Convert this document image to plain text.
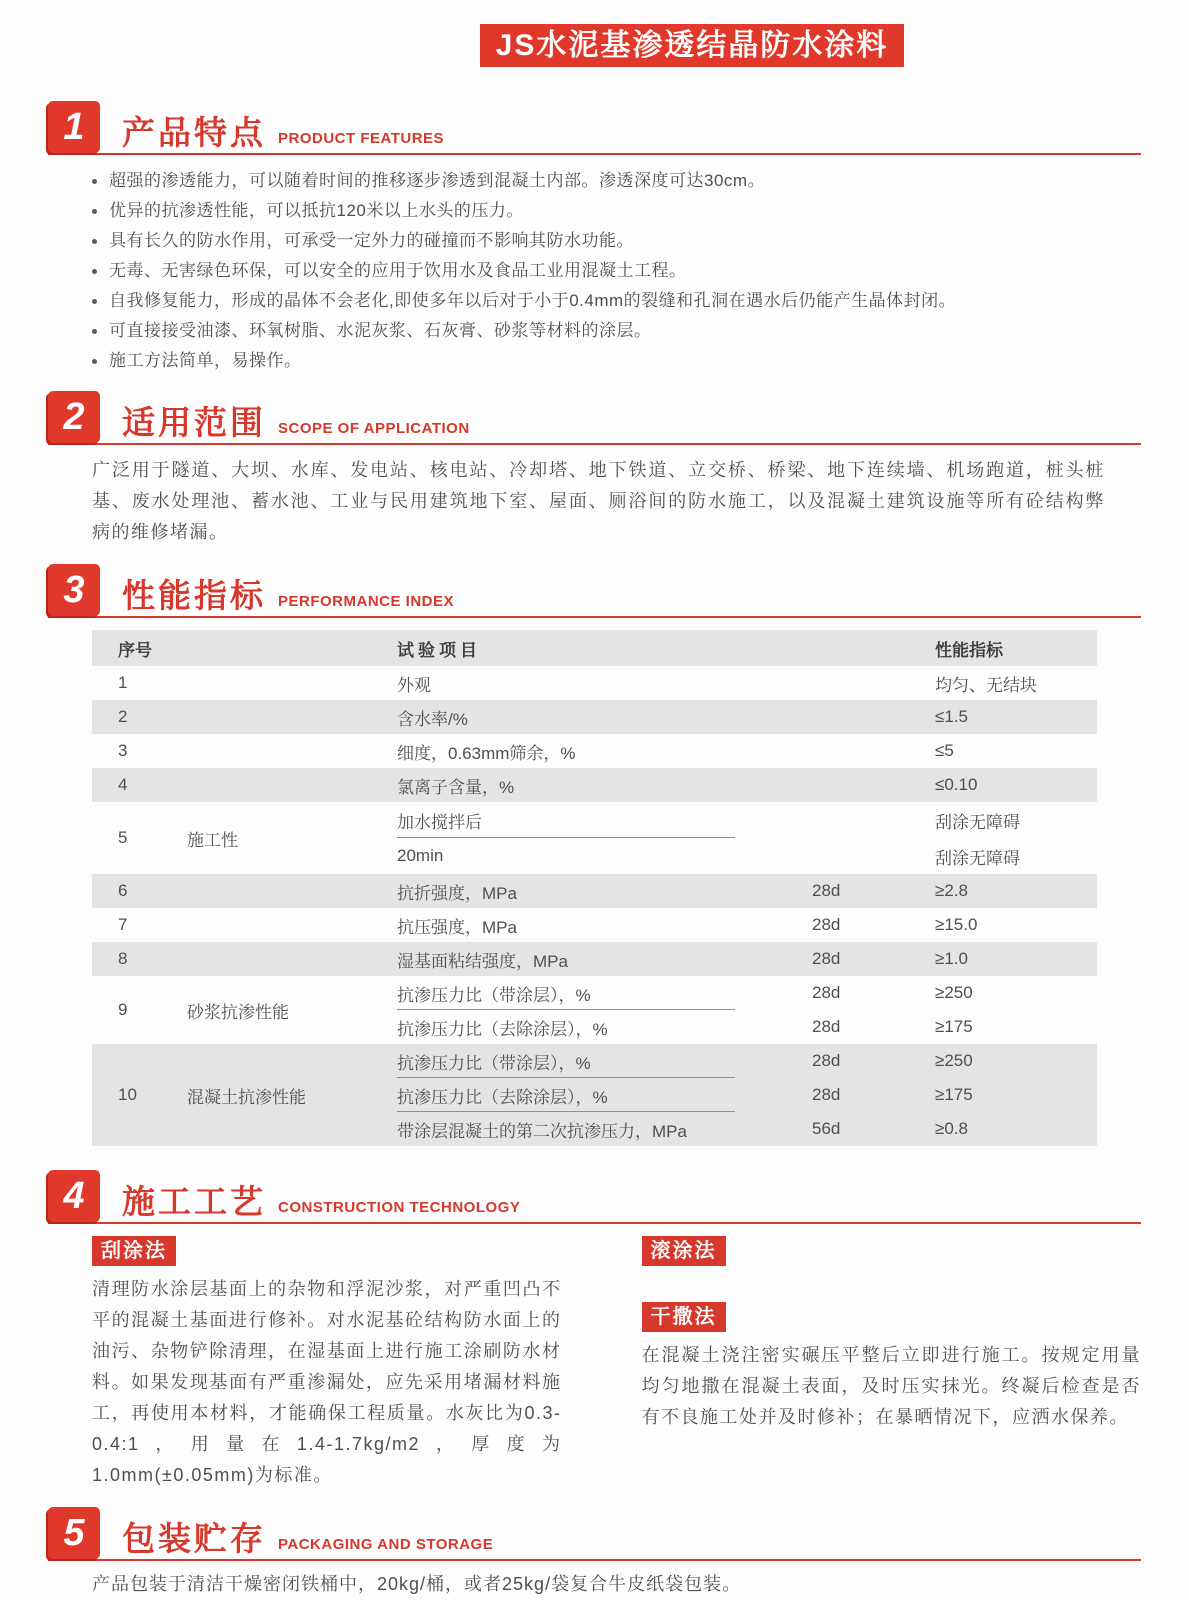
JS水泥基渗透结晶防水涂料
1	产品特点 PRODUCT FEATURES
超强的渗透能力，可以随着时间的推移逐步渗透到混凝土内部。渗透深度可达30cm。
优异的抗渗透性能，可以抵抗120米以上水头的压力。
具有长久的防水作用，可承受一定外力的碰撞而不影响其防水功能。
无毒、无害绿色环保，可以安全的应用于饮用水及食品工业用混凝土工程。
自我修复能力，形成的晶体不会老化,即使多年以后对于小于0.4mm的裂缝和孔洞在遇水后仍能产生晶体封闭。
可直接接受油漆、环氧树脂、水泥灰浆、石灰膏、砂浆等材料的涂层。
施工方法简单，易操作。
2	适用范围 SCOPE OF APPLICATION

广泛用于隧道、大坝、水库、发电站、核电站、冷却塔、地下铁道、立交桥、桥梁、地下连续墙、机场跑道，桩头桩基、废水处理池、蓄水池、工业与民用建筑地下室、屋面、厕浴间的防水施工，以及混凝土建筑设施等所有砼结构弊病的维修堵漏。

3	性能指标 PERFORMANCE INDEX
序号	试验项目	性能指标
1	外观	均匀、无结块
2	含水率/%	≤1.5
3	细度，0.63mm筛余，%	≤5
4	氯离子含量，%	≤0.10
5	施工性
加水搅拌后	刮涂无障碍
20min	刮涂无障碍
6	抗折强度，MPa	28d	≥2.8
7	抗压强度，MPa	28d	≥15.0
8	湿基面粘结强度，MPa	28d	≥1.0
9	砂浆抗渗性能
抗渗压力比（带涂层），%	28d	≥250
抗渗压力比（去除涂层），%	28d	≥175
10	混凝土抗渗性能
抗渗压力比（带涂层），%	28d	≥250
抗渗压力比（去除涂层），%	28d	≥175
带涂层混凝土的第二次抗渗压力，MPa	56d	≥0.8
4	施工工艺 CONSTRUCTION TECHNOLOGY
刮涂法

清理防水涂层基面上的杂物和浮泥沙浆，对严重凹凸不平的混凝土基面进行修补。对水泥基砼结构防水面上的油污、杂物铲除清理，在湿基面上进行施工涂刷防水材料。如果发现基面有严重渗漏处，应先采用堵漏材料施工，再使用本材料，才能确保工程质量。水灰比为0.3-0.4:1，用量在1.4-1.7kg/m2，厚度为1.0mm(±0.05mm)为标准。

滚涂法
干撒法

在混凝土浇注密实碾压平整后立即进行施工。按规定用量均匀地撒在混凝土表面，及时压实抹光。终凝后检查是否有不良施工处并及时修补；在暴晒情况下，应洒水保养。

5	包装贮存 PACKAGING AND STORAGE

产品包装于清洁干燥密闭铁桶中，20kg/桶，或者25kg/袋复合牛皮纸袋包装。
